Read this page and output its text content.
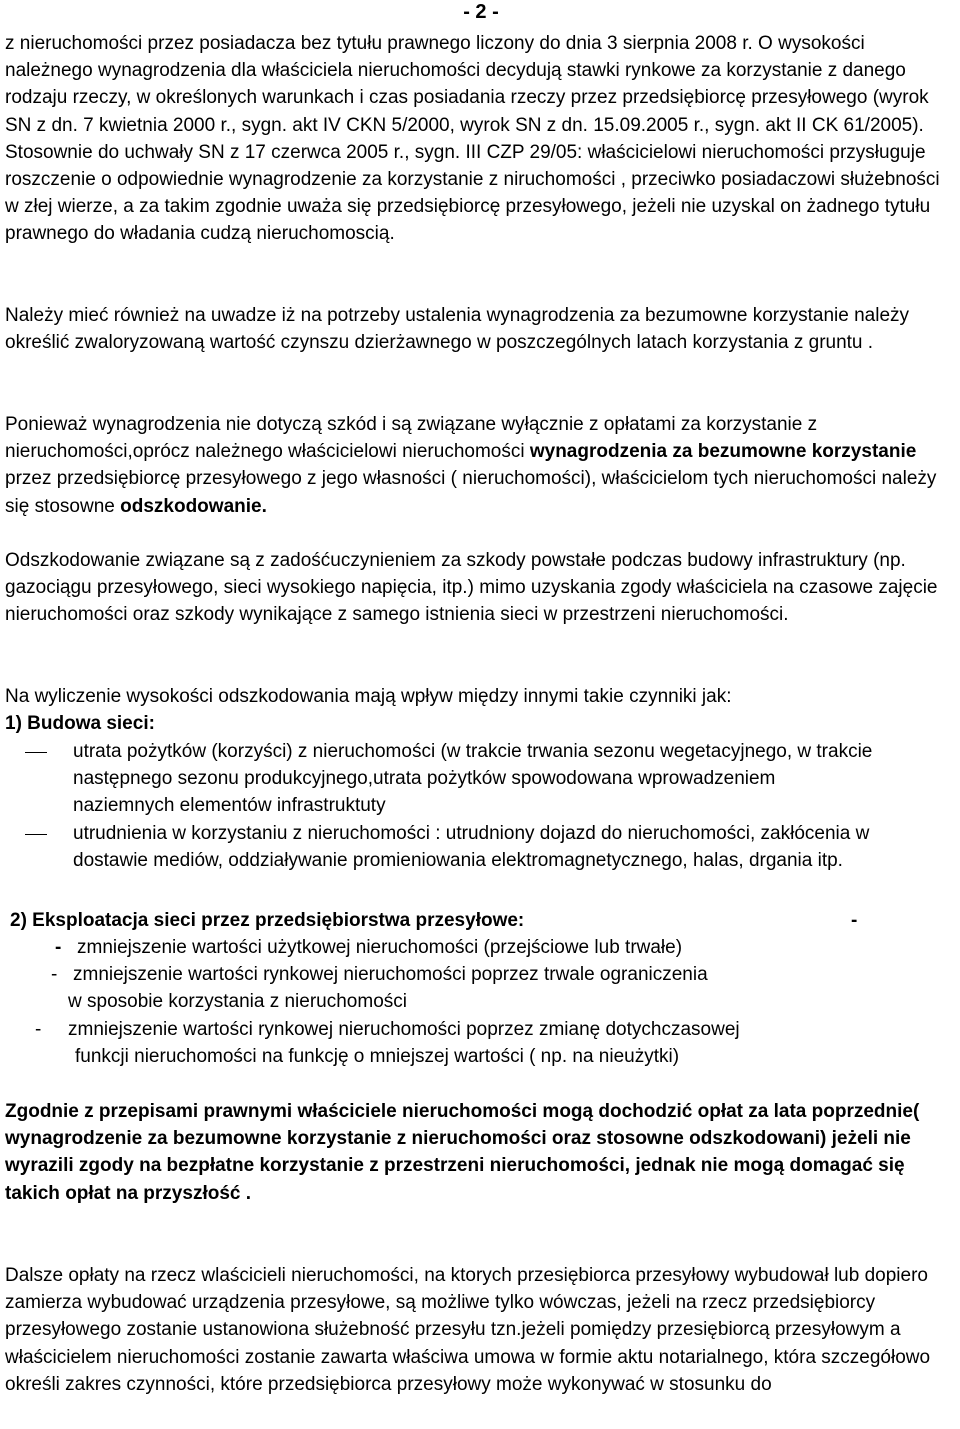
- 2 -

z nieruchomości przez posiadacza bez tytułu prawnego liczony do dnia 3 sierpnia 2008 r. O wysokości należnego wynagrodzenia dla właściciela nieruchomości decydują stawki rynkowe za korzystanie z danego rodzaju rzeczy, w określonych warunkach i czas posiadania rzeczy przez przedsiębiorcę przesyłowego (wyrok SN z dn. 7 kwietnia 2000 r., sygn. akt IV CKN 5/2000, wyrok SN z dn. 15.09.2005 r., sygn. akt II CK 61/2005). Stosownie do uchwały SN z 17 czerwca 2005 r., sygn. III CZP 29/05: właścicielowi nieruchomości przysługuje roszczenie o odpowiednie wynagrodzenie za korzystanie z niruchomości , przeciwko posiadaczowi służebności w złej wierze, a za takim zgodnie uważa się przedsiębiorcę przesyłowego, jeżeli nie uzyskal on żadnego tytułu prawnego do władania cudzą nieruchomoscią.

Należy mieć również na uwadze iż na potrzeby ustalenia wynagrodzenia za bezumowne korzystanie należy określić zwaloryzowaną wartość czynszu dzierżawnego w poszczególnych latach korzystania z gruntu .

Ponieważ wynagrodzenia nie dotyczą szkód i są związane wyłącznie z opłatami za korzystanie z nieruchomości,oprócz należnego właścicielowi nieruchomości wynagrodzenia za bezumowne korzystanie przez przedsiębiorcę przesyłowego z jego własności ( nieruchomości), właścicielom tych nieruchomości należy się stosowne odszkodowanie.

Odszkodowanie związane są z zadośćuczynieniem za szkody powstałe podczas budowy infrastruktury (np. gazociągu przesyłowego, sieci wysokiego napięcia, itp.) mimo uzyskania zgody właściciela na czasowe zajęcie nieruchomości oraz szkody wynikające z samego istnienia sieci w przestrzeni nieruchomości.

Na wyliczenie wysokości odszkodowania mają wpływ między innymi takie czynniki jak:

1) Budowa sieci:

utrata pożytków (korzyści) z nieruchomości (w trakcie trwania sezonu wegetacyjnego, w trakcie następnego sezonu produkcyjnego,utrata pożytków spowodowana wprowadzeniem naziemnych elementów infrastruktuty

utrudnienia w korzystaniu z nieruchomości : utrudniony dojazd do nieruchomości, zakłócenia w dostawie mediów, oddziaływanie promieniowania elektromagnetycznego, halas, drgania itp.

2) Eksploatacja sieci przez przedsiębiorstwa przesyłowe:	-
- zmniejszenie wartości użytkowej nieruchomości (przejściowe lub trwałe)
- zmniejszenie wartości rynkowej nieruchomości poprzez trwale ograniczenia
w sposobie korzystania z nieruchomości
- zmniejszenie wartości rynkowej nieruchomości poprzez zmianę dotychczasowej
funkcji nieruchomości na funkcję o mniejszej wartości ( np. na nieużytki)

Zgodnie z przepisami prawnymi właściciele nieruchomości mogą dochodzić opłat za lata poprzednie( wynagrodzenie za bezumowne korzystanie z nieruchomości oraz stosowne odszkodowani) jeżeli nie wyrazili zgody na bezpłatne korzystanie z przestrzeni nieruchomości, jednak nie mogą domagać się takich opłat na przyszłość .

Dalsze opłaty na rzecz wlaścicieli nieruchomości, na ktorych przesiębiorca przesyłowy wybudował lub dopiero zamierza wybudować urządzenia przesyłowe, są możliwe tylko wówczas, jeżeli na rzecz przedsiębiorcy przesyłowego zostanie ustanowiona służebność przesyłu tzn.jeżeli pomiędzy przesiębiorcą przesyłowym a właścicielem nieruchomości zostanie zawarta właściwa umowa w formie aktu notarialnego, która szczegółowo określi zakres czynności, które przedsiębiorca przesyłowy może wykonywać w stosunku do
